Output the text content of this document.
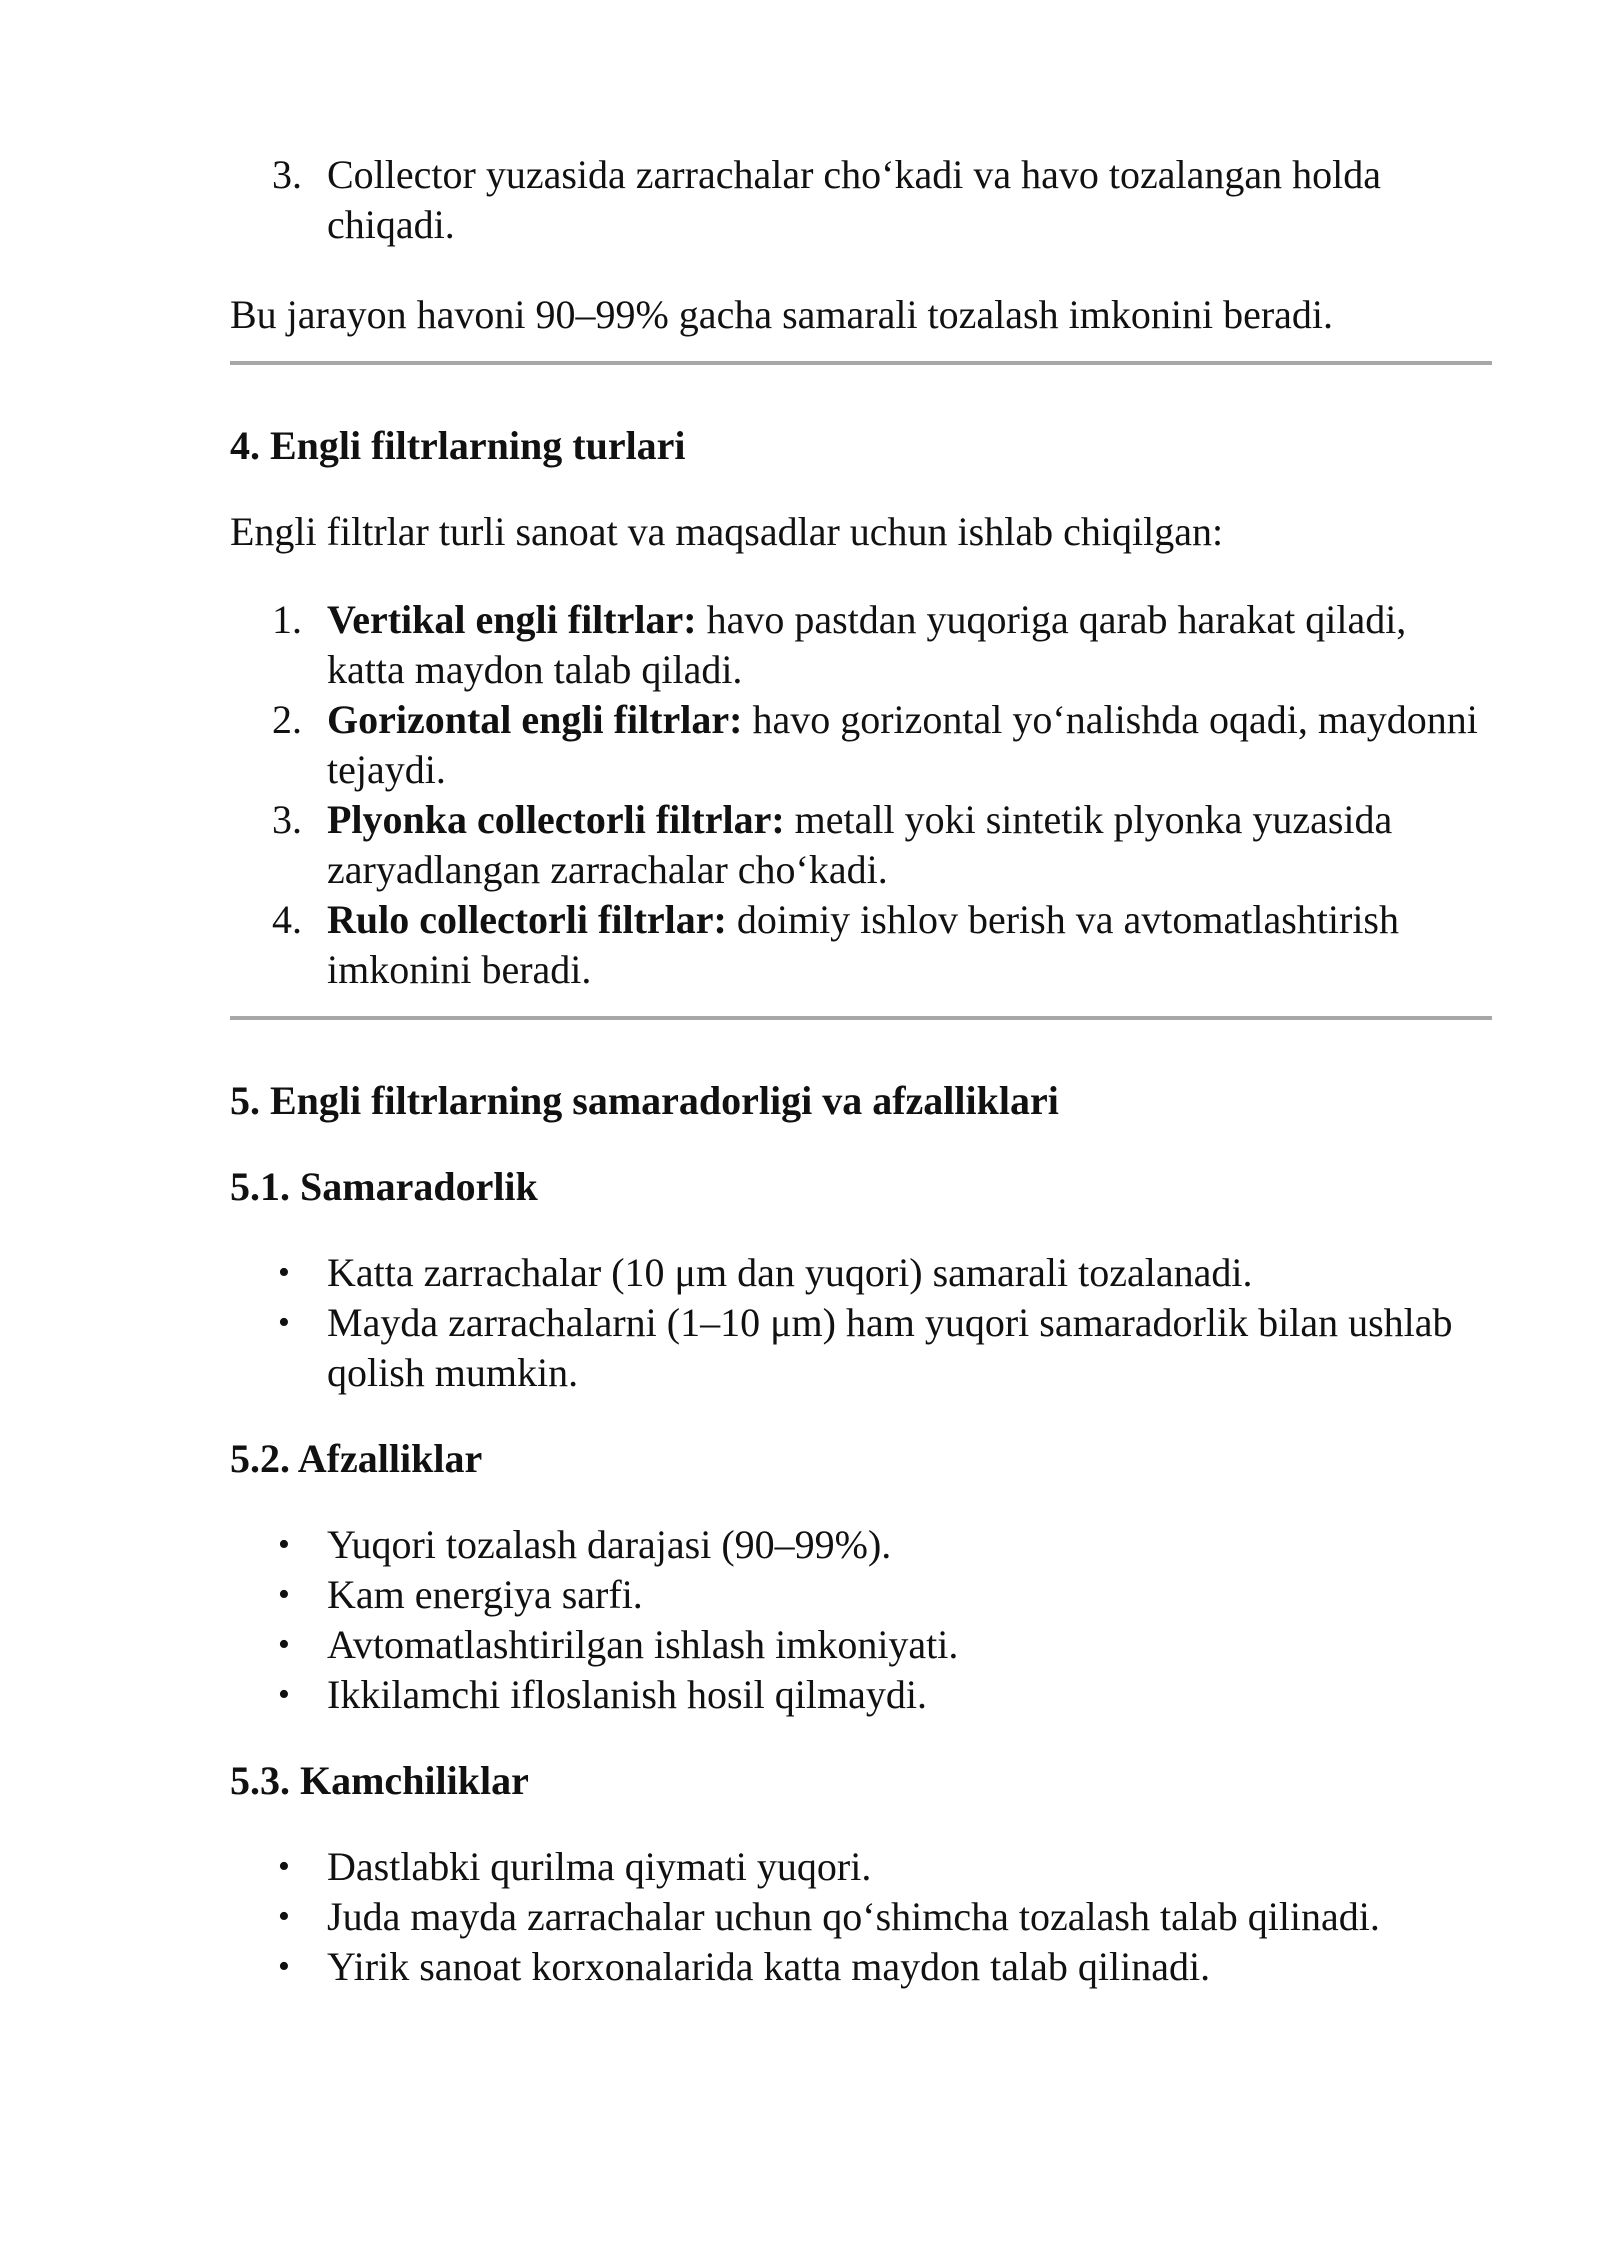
3. Collector yuzasida zarrachalar cho‘kadi va havo tozalangan holda chiqadi.

Bu jarayon havoni 90–99% gacha samarali tozalash imkonini beradi.

4. Engli filtrlarning turlari

Engli filtrlar turli sanoat va maqsadlar uchun ishlab chiqilgan:

1. Vertikal engli filtrlar: havo pastdan yuqoriga qarab harakat qiladi, katta maydon talab qiladi.
2. Gorizontal engli filtrlar: havo gorizontal yo‘nalishda oqadi, maydonni tejaydi.
3. Plyonka collectorli filtrlar: metall yoki sintetik plyonka yuzasida zaryadlangan zarrachalar cho‘kadi.
4. Rulo collectorli filtrlar: doimiy ishlov berish va avtomatlashtirish imkonini beradi.
5. Engli filtrlarning samaradorligi va afzalliklari
5.1. Samaradorlik
• Katta zarrachalar (10 μm dan yuqori) samarali tozalanadi.
• Mayda zarrachalarni (1–10 μm) ham yuqori samaradorlik bilan ushlab qolish mumkin.
5.2. Afzalliklar
• Yuqori tozalash darajasi (90–99%).
• Kam energiya sarfi.
• Avtomatlashtirilgan ishlash imkoniyati.
• Ikkilamchi ifloslanish hosil qilmaydi.
5.3. Kamchiliklar
• Dastlabki qurilma qiymati yuqori.
• Juda mayda zarrachalar uchun qo‘shimcha tozalash talab qilinadi.
• Yirik sanoat korxonalarida katta maydon talab qilinadi.
